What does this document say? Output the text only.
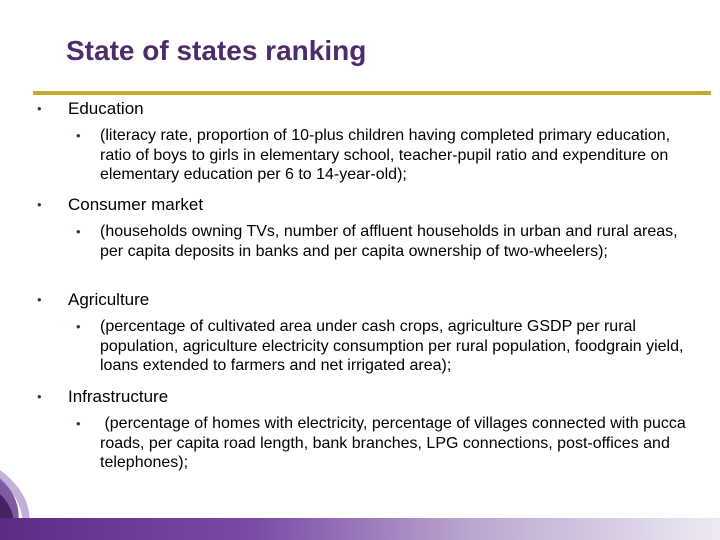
State of states ranking
• Education
• (literacy rate, proportion of 10-plus children having completed primary education, ratio of boys to girls in elementary school, teacher-pupil ratio and expenditure on elementary education per 6 to 14-year-old);
• Consumer market
• (households owning TVs, number of affluent households in urban and rural areas, per capita deposits in banks and per capita ownership of two-wheelers);
• Agriculture
• (percentage of cultivated area under cash crops, agriculture GSDP per rural population, agriculture electricity consumption per rural population, foodgrain yield, loans extended to farmers and net irrigated area);
• Infrastructure
• (percentage of homes with electricity, percentage of villages connected with pucca roads, per capita road length, bank branches, LPG connections, post-offices and telephones);
